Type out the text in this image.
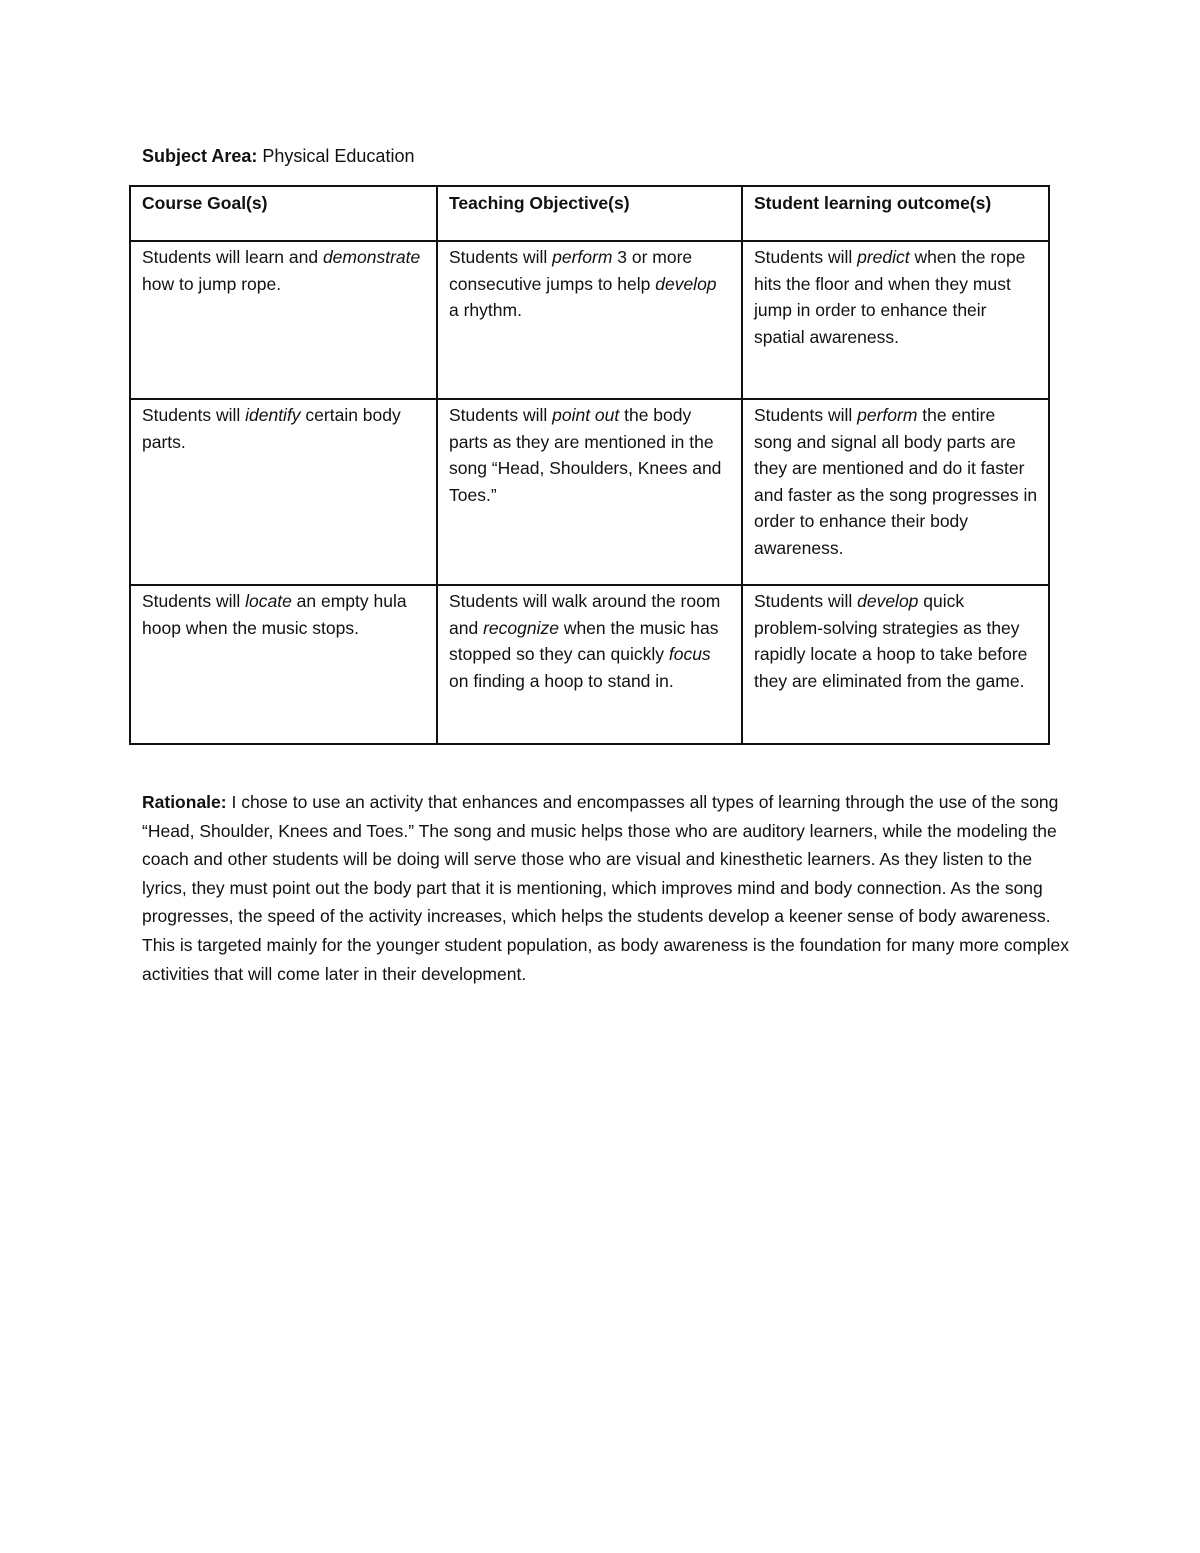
Subject Area: Physical Education
Course Goal(s)	Teaching Objective(s)	Student learning outcome(s)
Students will learn and demonstrate how to jump rope.	Students will perform 3 or more consecutive jumps to help develop a rhythm.	Students will predict when the rope hits the floor and when they must jump in order to enhance their spatial awareness.
Students will identify certain body parts.	Students will point out the body parts as they are mentioned in the song “Head, Shoulders, Knees and Toes.”	Students will perform the entire song and signal all body parts are they are mentioned and do it faster and faster as the song progresses in order to enhance their body awareness.
Students will locate an empty hula hoop when the music stops.	Students will walk around the room and recognize when the music has stopped so they can quickly focus on finding a hoop to stand in.	Students will develop quick problem-solving strategies as they rapidly locate a hoop to take before they are eliminated from the game.

Rationale: I chose to use an activity that enhances and encompasses all types of learning through the use of the song “Head, Shoulder, Knees and Toes.” The song and music helps those who are auditory learners, while the modeling the coach and other students will be doing will serve those who are visual and kinesthetic learners. As they listen to the lyrics, they must point out the body part that it is mentioning, which improves mind and body connection. As the song progresses, the speed of the activity increases, which helps the students develop a keener sense of body awareness. This is targeted mainly for the younger student population, as body awareness is the foundation for many more complex activities that will come later in their development.
